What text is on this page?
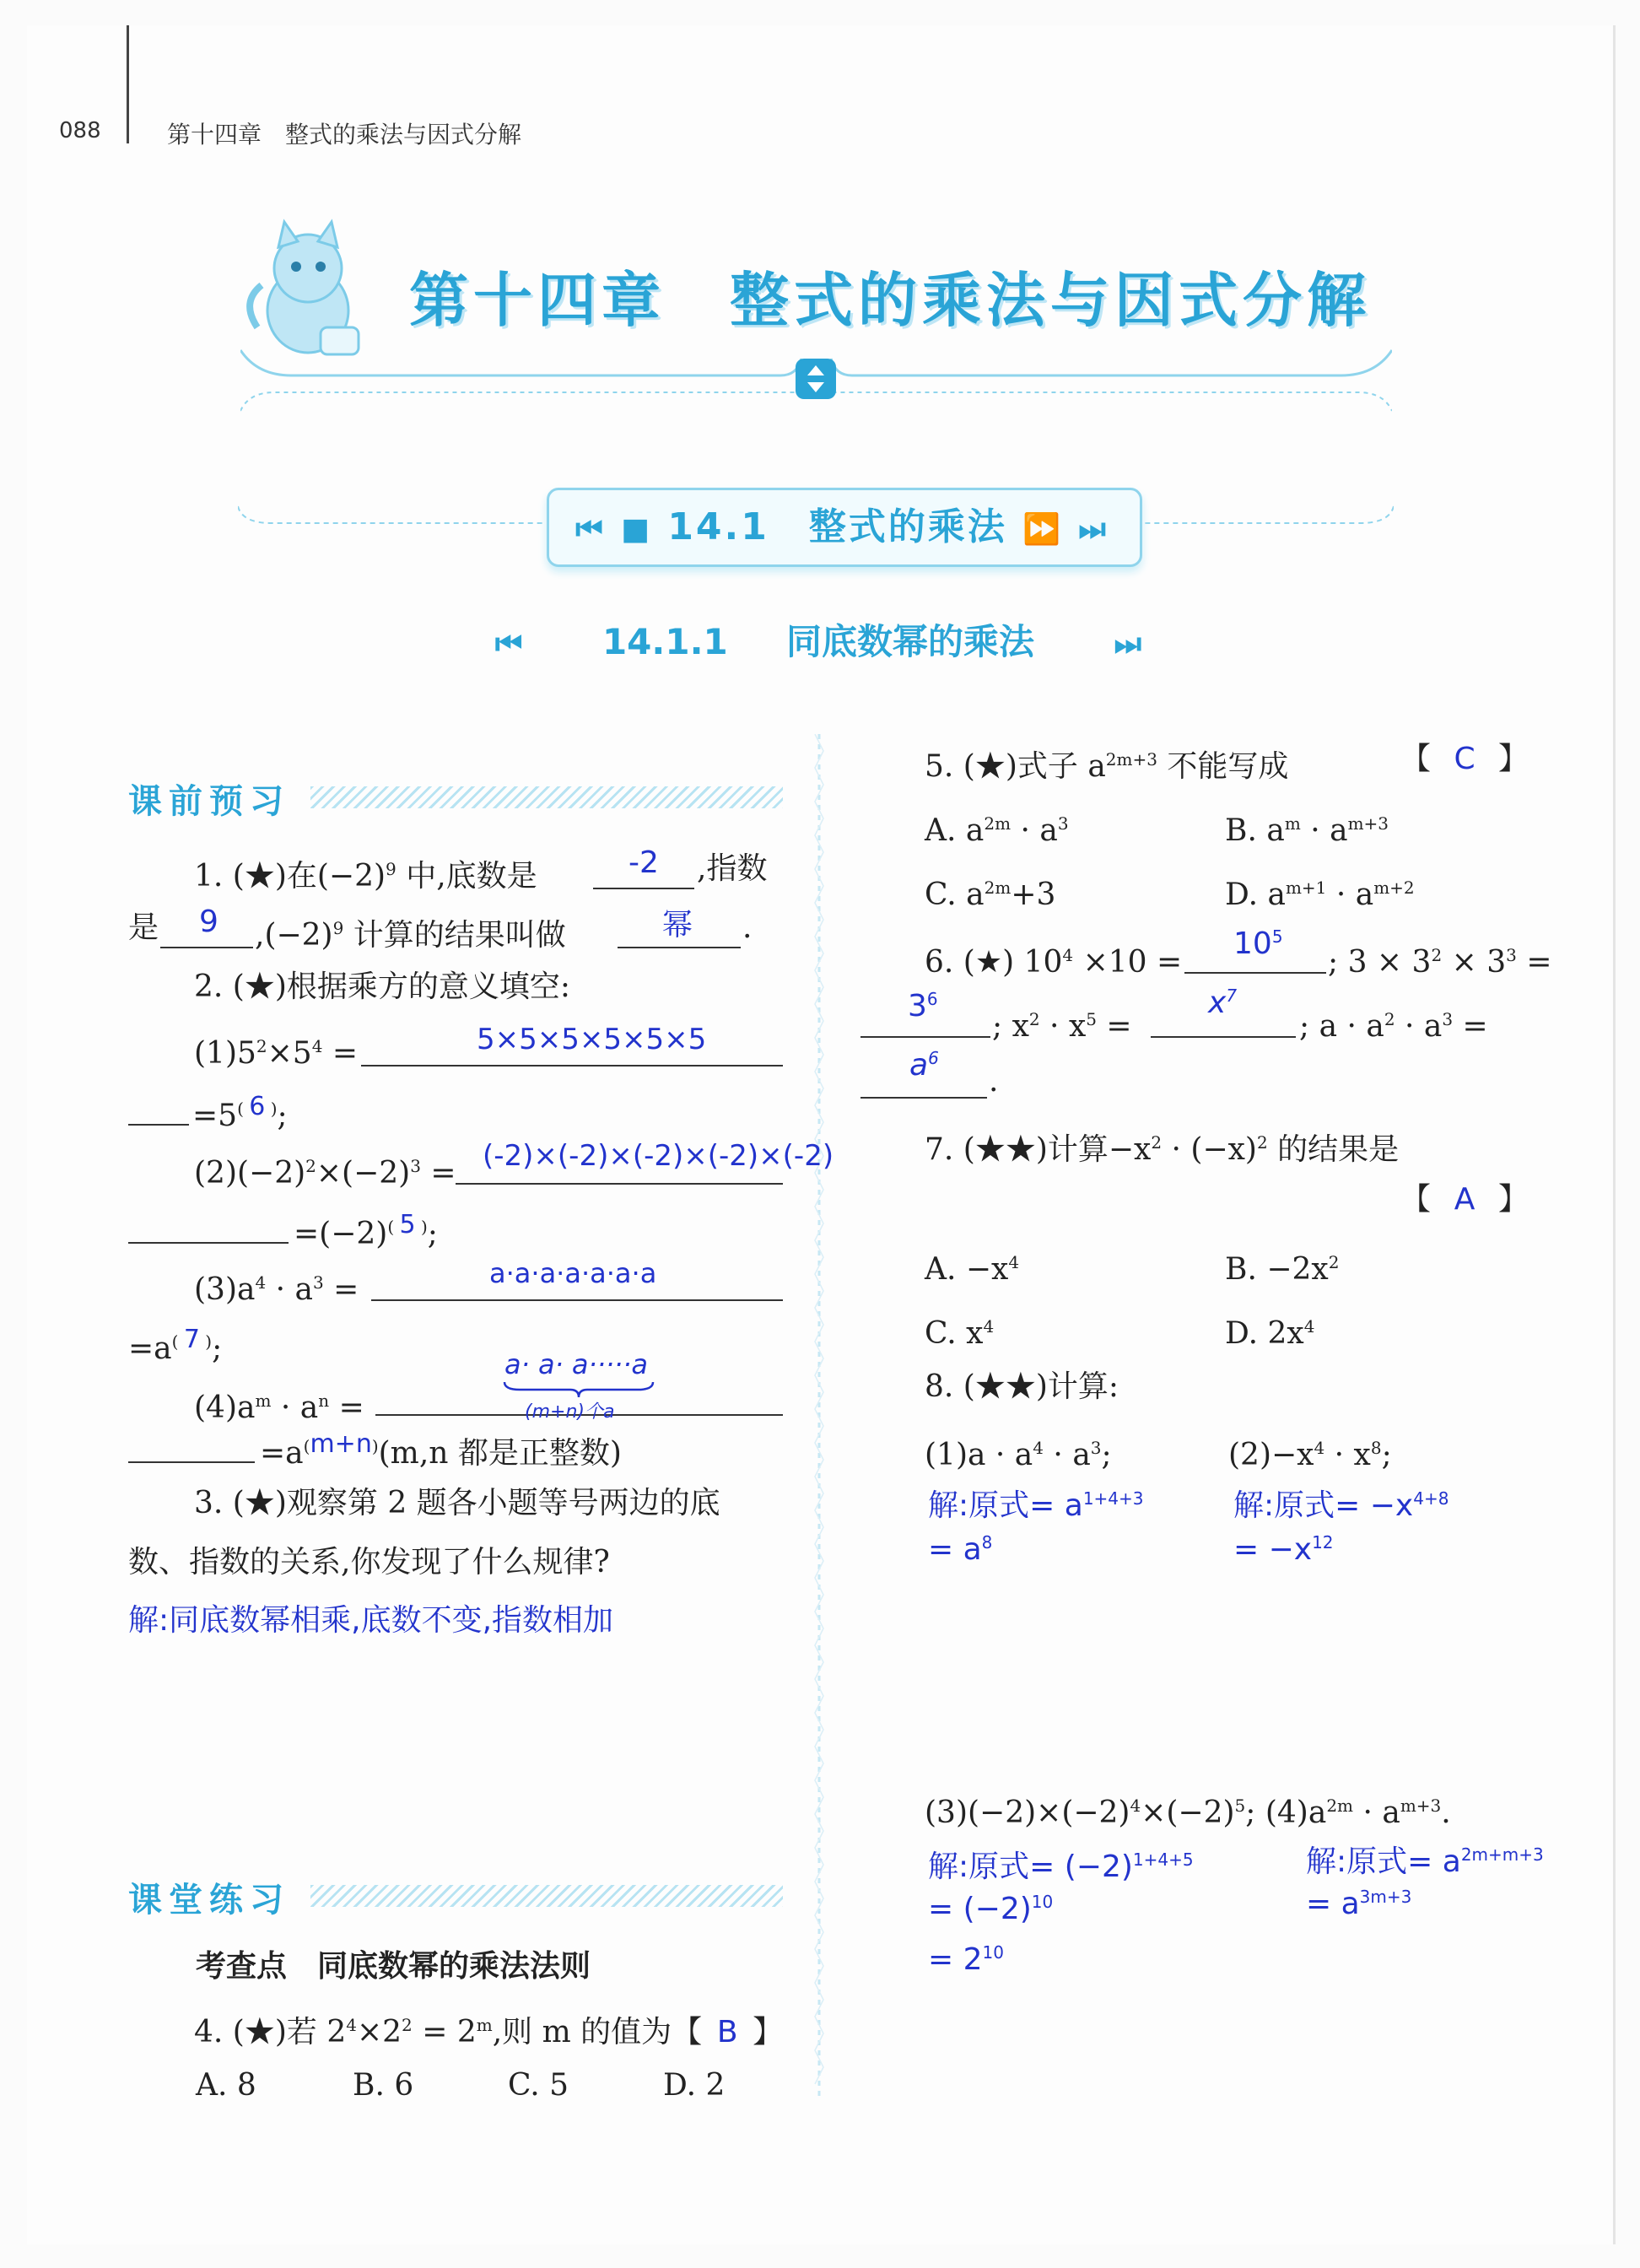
088	第十四章　整式的乘法与因式分解
第十四章　整式的乘法与因式分解
⏮ ■ 14.1　整式的乘法 ⏩ ⏭
⏮ 14.1.1 同底数幂的乘法	⏭
课前预习
1. (★)在$(-2)^9$ 中,底数是	-2 ,指数
是 9 $,(-2)^9$ 计算的结果叫做	幂 .
2. (★)根据乘方的意义填空:
$(1)5^2\times 5^4$ =	5×5×5×5×5×5
$=5^{( 6 )}$;
$(2)(-2)^2\times(-2)^3 = (-2)\times(-2)\times(-2)\times(-2)\times(-2)$
$=(-2)^{( 5 )}$;
$(3)a^4 \cdot a^3$ =	a·a·a·a·a·a·a
$=a^{( 7 )}$;
$(4)a^m \cdot a^n$ =
a· a· a·····a
(m+n)个a
$=a^{(m+n)}(m,n$ 都是正整数)
3. (★)观察第 2 题各小题等号两边的底
数、指数的关系,你发现了什么规律?
解:同底数幂相乘,底数不变,指数相加
课堂练习
考查点　同底数幂的乘法法则
4. (★)若 $2^4\times 2^2 = 2^m$,则 m 的值为【 B 】
A. 8	B. 6	C. 5	D. 2
5. (★)式子 $a^{2m+3}$ 不能写成	【 C 】
A. $a^{2m} \cdot a^3$	B. $a^m \cdot a^{m+3}$
C. $a^{2m}+3$	D. $a^{m+1} \cdot a^{m+2}$
6. (★) $10^4 \times 10$ =
$10^5$
; $3 \times 3^2 \times 3^3$ =
$3^6$
; $x^2 \cdot x^5$ =
$x^7$
; $a \cdot a^2 \cdot a^3$ =
$a^6$
.
7. (★★)计算$-x^2 \cdot (-x)^2$ 的结果是
【 A 】
A. $-x^4$	B. $-2x^2$
C. $x^4$	D. $2x^4$
8. (★★)计算:
$(1)a \cdot a^4 \cdot a^3$;	$(2)-x^4 \cdot x^8$;
解:原式= $a^{1+4+3}$
= $a^8$
解:原式= $-x^{4+8}$
= $-x^{12}$
$(3)(-2)\times(-2)^4\times(-2)^5$; $(4)a^{2m} \cdot a^{m+3}$.
解:原式= $(-2)^{1+4+5}$
= $(-2)^{10}$
= $2^{10}$
解:原式= $a^{2m+m+3}$
= $a^{3m+3}$
